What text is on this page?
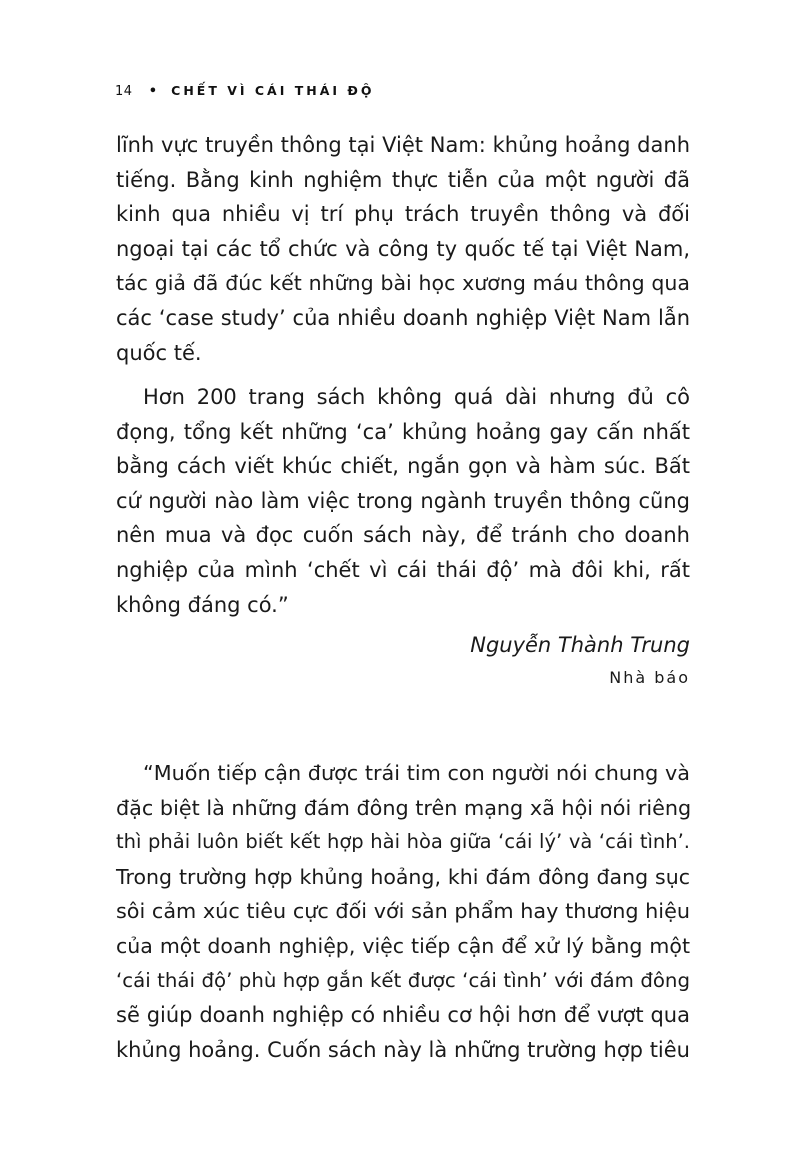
14 • CHẾT VÌ CÁI THÁI ĐỘ
lĩnh vực truyền thông tại Việt Nam: khủng hoảng danh
tiếng. Bằng kinh nghiệm thực tiễn của một người đã
kinh qua nhiều vị trí phụ trách truyền thông và đối
ngoại tại các tổ chức và công ty quốc tế tại Việt Nam,
tác giả đã đúc kết những bài học xương máu thông qua
các ‘case study’ của nhiều doanh nghiệp Việt Nam lẫn
quốc tế.
Hơn 200 trang sách không quá dài nhưng đủ cô
đọng, tổng kết những ‘ca’ khủng hoảng gay cấn nhất
bằng cách viết khúc chiết, ngắn gọn và hàm súc. Bất
cứ người nào làm việc trong ngành truyền thông cũng
nên mua và đọc cuốn sách này, để tránh cho doanh
nghiệp của mình ‘chết vì cái thái độ’ mà đôi khi, rất
không đáng có.”
Nguyễn Thành Trung
Nhà báo
“Muốn tiếp cận được trái tim con người nói chung và
đặc biệt là những đám đông trên mạng xã hội nói riêng
thì phải luôn biết kết hợp hài hòa giữa ‘cái lý’ và ‘cái tình’.
Trong trường hợp khủng hoảng, khi đám đông đang sục
sôi cảm xúc tiêu cực đối với sản phẩm hay thương hiệu
của một doanh nghiệp, việc tiếp cận để xử lý bằng một
‘cái thái độ’ phù hợp gắn kết được ‘cái tình’ với đám đông
sẽ giúp doanh nghiệp có nhiều cơ hội hơn để vượt qua
khủng hoảng. Cuốn sách này là những trường hợp tiêu
